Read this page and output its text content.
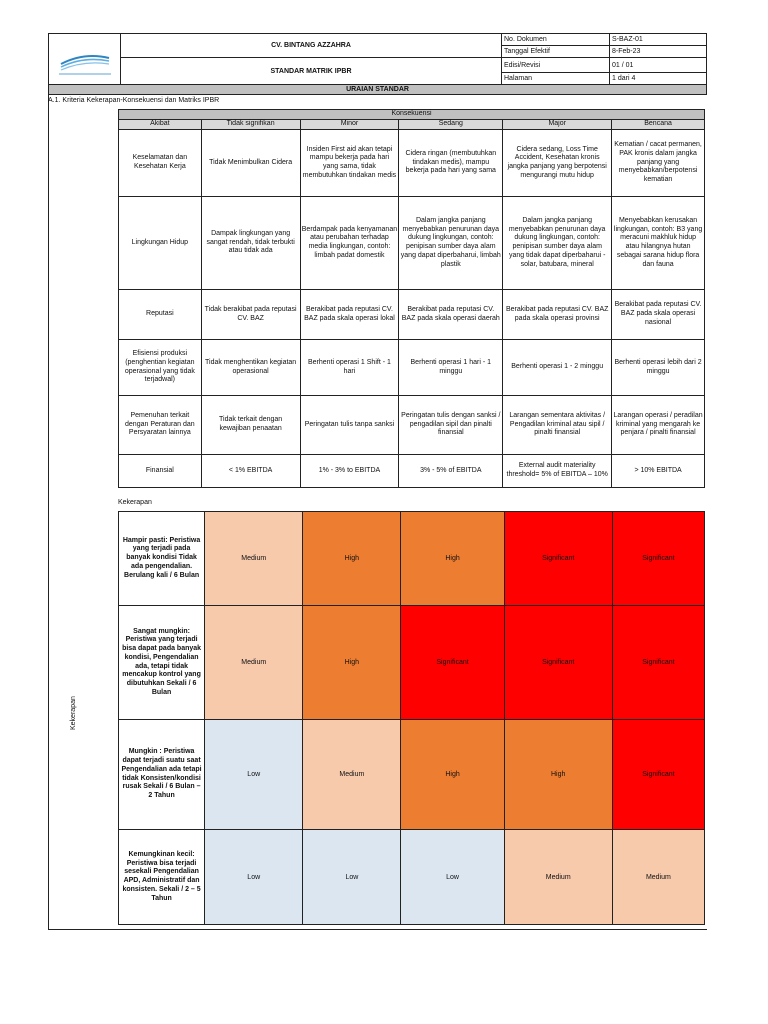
	CV. BINTANG AZZAHRA	No. Dokumen	S-BAZ-01
		Tanggal Efektif	8-Feb-23
	STANDAR MATRIK IPBR	Edisi/Revisi	01 / 01
		Halaman	1 dari 4
URAIAN STANDAR
A.1. Kriteria Kekerapan-Konsekuensi dan Matriks IPBR
Konsekuensi					
Akibat	Tidak signifikan	Minor	Sedang	Major	Bencana
Keselamatan dan Kesehatan Kerja	Tidak Menimbulkan Cidera	Insiden First aid akan tetapi mampu bekerja pada hari yang sama, tidak membutuhkan tindakan medis	Cidera ringan (membutuhkan tindakan medis), mampu bekerja pada hari yang sama	Cidera sedang, Loss Time Accident, Kesehatan kronis jangka panjang yang berpotensi mengurangi mutu hidup	Kematian / cacat permanen, PAK kronis dalam jangka panjang yang menyebabkan/berpotensi kematian
Lingkungan Hidup	Dampak lingkungan yang sangat rendah, tidak terbukti atau tidak ada	Berdampak pada kenyamanan atau perubahan terhadap media lingkungan, contoh: limbah padat domestik	Dalam jangka panjang menyebabkan penurunan daya dukung lingkungan, contoh: penipisan sumber daya alam yang dapat diperbaharui, limbah plastik	Dalam jangka panjang menyebabkan penurunan daya dukung lingkungan, contoh: penipisan sumber daya alam yang tidak dapat diperbaharui - solar, batubara, mineral	Menyebabkan kerusakan lingkungan, contoh: B3 yang meracuni makhluk hidup atau hilangnya hutan sebagai sarana hidup flora dan fauna
Reputasi	Tidak berakibat pada reputasi CV. BAZ	Berakibat pada reputasi CV. BAZ pada skala operasi lokal	Berakibat pada reputasi CV. BAZ pada skala operasi daerah	Berakibat pada reputasi CV. BAZ pada skala operasi provinsi	Berakibat pada reputasi CV. BAZ pada skala operasi nasional
Efisiensi produksi (penghentian kegiatan operasional yang tidak terjadwal)	Tidak menghentikan kegiatan operasional	Berhenti operasi 1 Shift - 1 hari	Berhenti operasi 1 hari - 1 minggu	Berhenti operasi 1 - 2 minggu	Berhenti operasi lebih dari 2 minggu
Pemenuhan terkait dengan Peraturan dan Persyaratan lainnya	Tidak terkait dengan kewajiban penaatan	Peringatan tulis tanpa sanksi	Peringatan tulis dengan sanksi / pengadilan sipil dan pinalti finansial	Larangan sementara aktivitas / Pengadilan kriminal atau sipil / pinalti finansial	Larangan operasi / peradilan kriminal yang mengarah ke penjara / pinalti finansial
Finansial	< 1% EBITDA	1% - 3% to EBITDA	3% - 5% of EBITDA	External audit materiality threshold= 5% of EBITDA – 10%	> 10% EBITDA
Kekerapan
Kekerapan
Hampir pasti: Peristiwa yang terjadi pada banyak kondisi Tidak ada pengendalian. Berulang kali / 6 Bulan	Medium	High	High	Significant	Significant
Sangat mungkin: Peristiwa yang terjadi bisa dapat pada banyak kondisi, Pengendalian ada, tetapi tidak mencakup kontrol yang dibutuhkan Sekali / 6 Bulan	Medium	High	Significant	Significant	Significant
Mungkin : Peristiwa dapat terjadi suatu saat Pengendalian ada tetapi tidak Konsisten/kondisi rusak Sekali / 6 Bulan – 2 Tahun	Low	Medium	High	High	Significant
Kemungkinan kecil: Peristiwa bisa terjadi sesekali Pengendalian APD, Administratif dan konsisten. Sekali / 2 – 5 Tahun	Low	Low	Low	Medium	Medium
